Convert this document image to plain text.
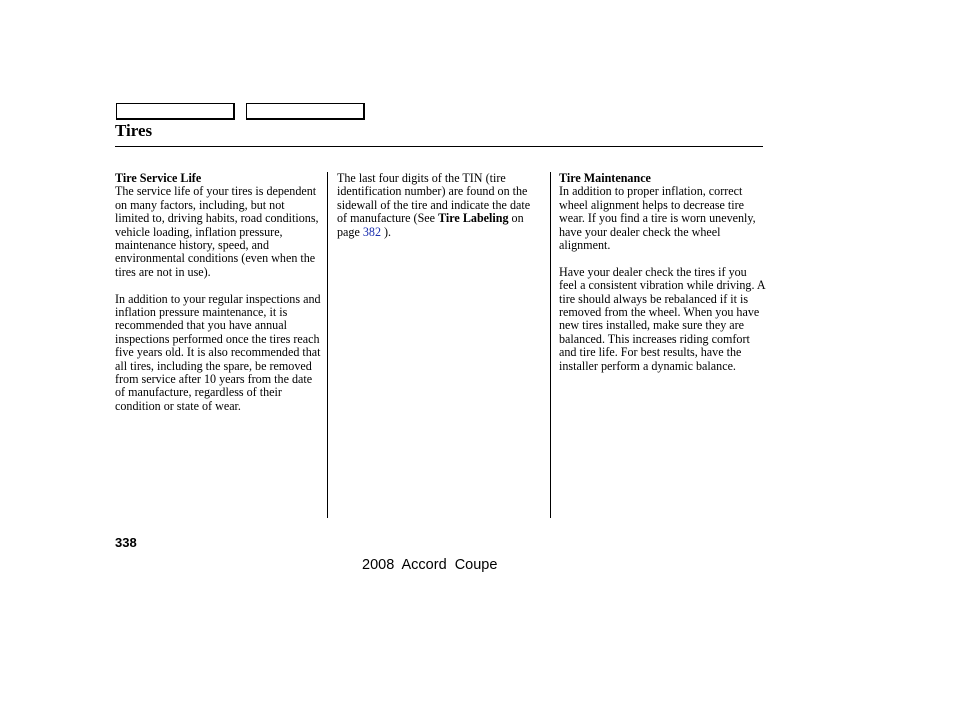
Tires

Tire Service Life
The service life of your tires is dependent on many factors, including, but not limited to, driving habits, road conditions, vehicle loading, inflation pressure, maintenance history, speed, and environmental conditions (even when the tires are not in use).

In addition to your regular inspections and inflation pressure maintenance, it is recommended that you have annual inspections performed once the tires reach five years old. It is also recommended that all tires, including the spare, be removed from service after 10 years from the date of manufacture, regardless of their condition or state of wear.

The last four digits of the TIN (tire identification number) are found on the sidewall of the tire and indicate the date of manufacture (See Tire Labeling on page 382 ).

Tire Maintenance
In addition to proper inflation, correct wheel alignment helps to decrease tire wear. If you find a tire is worn unevenly, have your dealer check the wheel alignment.

Have your dealer check the tires if you feel a consistent vibration while driving. A tire should always be rebalanced if it is removed from the wheel. When you have new tires installed, make sure they are balanced. This increases riding comfort and tire life. For best results, have the installer perform a dynamic balance.

338
2008  Accord  Coupe
